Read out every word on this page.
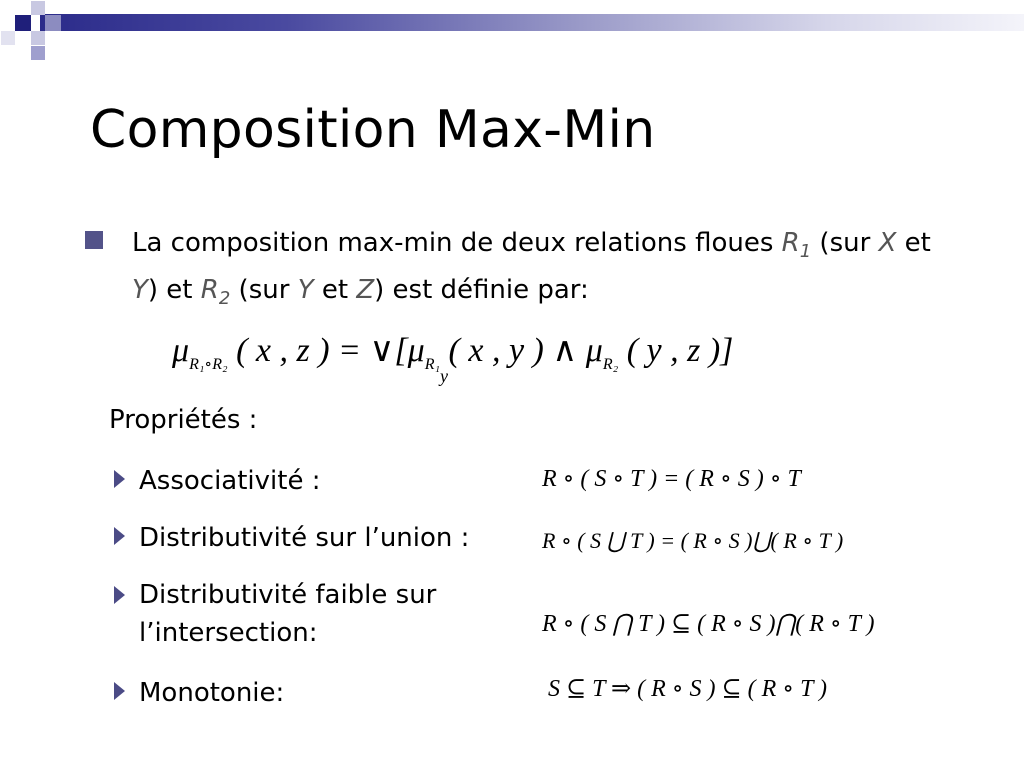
Composition Max-Min
La composition max-min de deux relations floues $R_1$ (sur X et Y) et $R_2$ (sur Y et Z) est définie par:
$\mu_{R_1\circ R_2}$ ( x , z ) = $\vee[\mu_{R_1}$ ( x , y ) ∧ $\mu_{R_2}$ ( y , z )]
y
Propriétés :
Associativité :	R ∘ ( S ∘ T ) = ( R ∘ S ) ∘ T
Distributivité sur l’union :	R ∘ ( S ⋃ T ) = ( R ∘ S )⋃( R ∘ T )
Distributivité faible sur l’intersection:	R ∘ ( S ⋂ T ) ⊆ ( R ∘ S )⋂( R ∘ T )
Monotonie:	S ⊆ T ⇒ ( R ∘ S ) ⊆ ( R ∘ T )
